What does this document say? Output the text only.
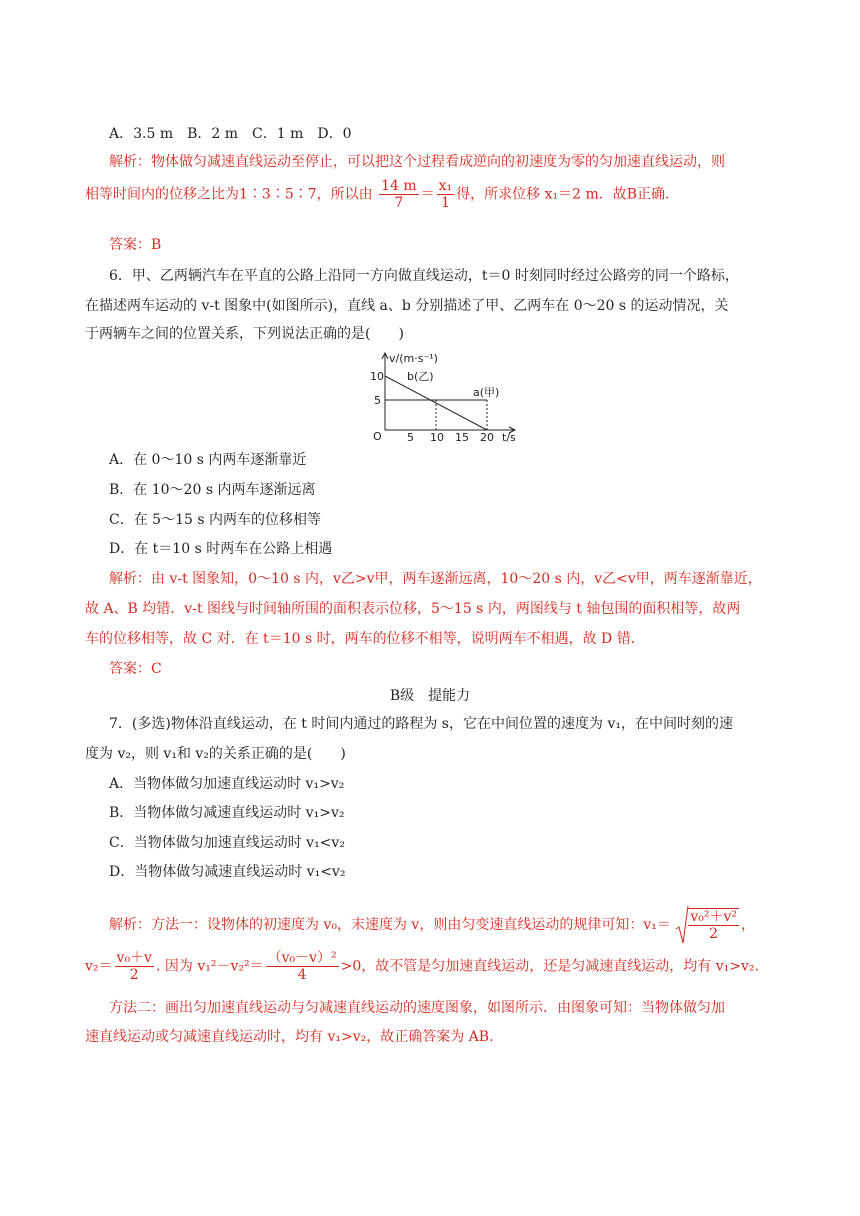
A．3.5 m　B．2 m　C．1 m　D．0
解析：物体做匀减速直线运动至停止，可以把这个过程看成逆向的初速度为零的匀加速直线运动，则
相等时间内的位移之比为1∶3∶5∶7，所以由 $\frac{14 m}{7} = \frac{\text{x₁}}{1}$ 得，所求位移 x₁＝2 m．故B正确．
答案：B
6．甲、乙两辆汽车在平直的公路上沿同一方向做直线运动，t＝0 时刻同时经过公路旁的同一个路标，
在描述两车运动的 v-t 图象中(如图所示)，直线 a、b 分别描述了甲、乙两车在 0～20 s 的运动情况，关
于两辆车之间的位置关系，下列说法正确的是(　　)
v/(m·s⁻¹)
10
5
O 5 10 15 20 t/s
b(乙)
a(甲)
A．在 0～10 s 内两车逐渐靠近
B．在 10～20 s 内两车逐渐远离
C．在 5～15 s 内两车的位移相等
D．在 t＝10 s 时两车在公路上相遇
解析：由 v-t 图象知，0～10 s 内，v乙>v甲，两车逐渐远离，10～20 s 内，v乙<v甲，两车逐渐靠近，
故 A、B 均错．v-t 图线与时间轴所围的面积表示位移，5～15 s 内，两图线与 t 轴包围的面积相等，故两
车的位移相等，故 C 对．在 t＝10 s 时，两车的位移不相等，说明两车不相遇，故 D 错．
答案：C
B级　提能力
7．(多选)物体沿直线运动，在 t 时间内通过的路程为 s，它在中间位置的速度为 v₁，在中间时刻的速
度为 v₂，则 v₁和 v₂的关系正确的是(　　)
A．当物体做匀加速直线运动时 v₁>v₂
B．当物体做匀减速直线运动时 v₁>v₂
C．当物体做匀加速直线运动时 v₁<v₂
D．当物体做匀减速直线运动时 v₁<v₂
解析：方法一：设物体的初速度为 v₀，末速度为 v，则由匀变速直线运动的规律可知：$v_1= \frac{\text{v₀²＋v²}}{2}$ ，
$v_2= \frac{\text{v₀＋v}}{2}$ . 因为 $v_1^2-v_2^2= \frac{\text{（v₀－v）²}}{4} >0$，故不管是匀加速直线运动，还是匀减速直线运动，均有 v₁>v₂.
方法二：画出匀加速直线运动与匀减速直线运动的速度图象，如图所示．由图象可知：当物体做匀加
速直线运动或匀减速直线运动时，均有 v₁>v₂，故正确答案为 AB.
